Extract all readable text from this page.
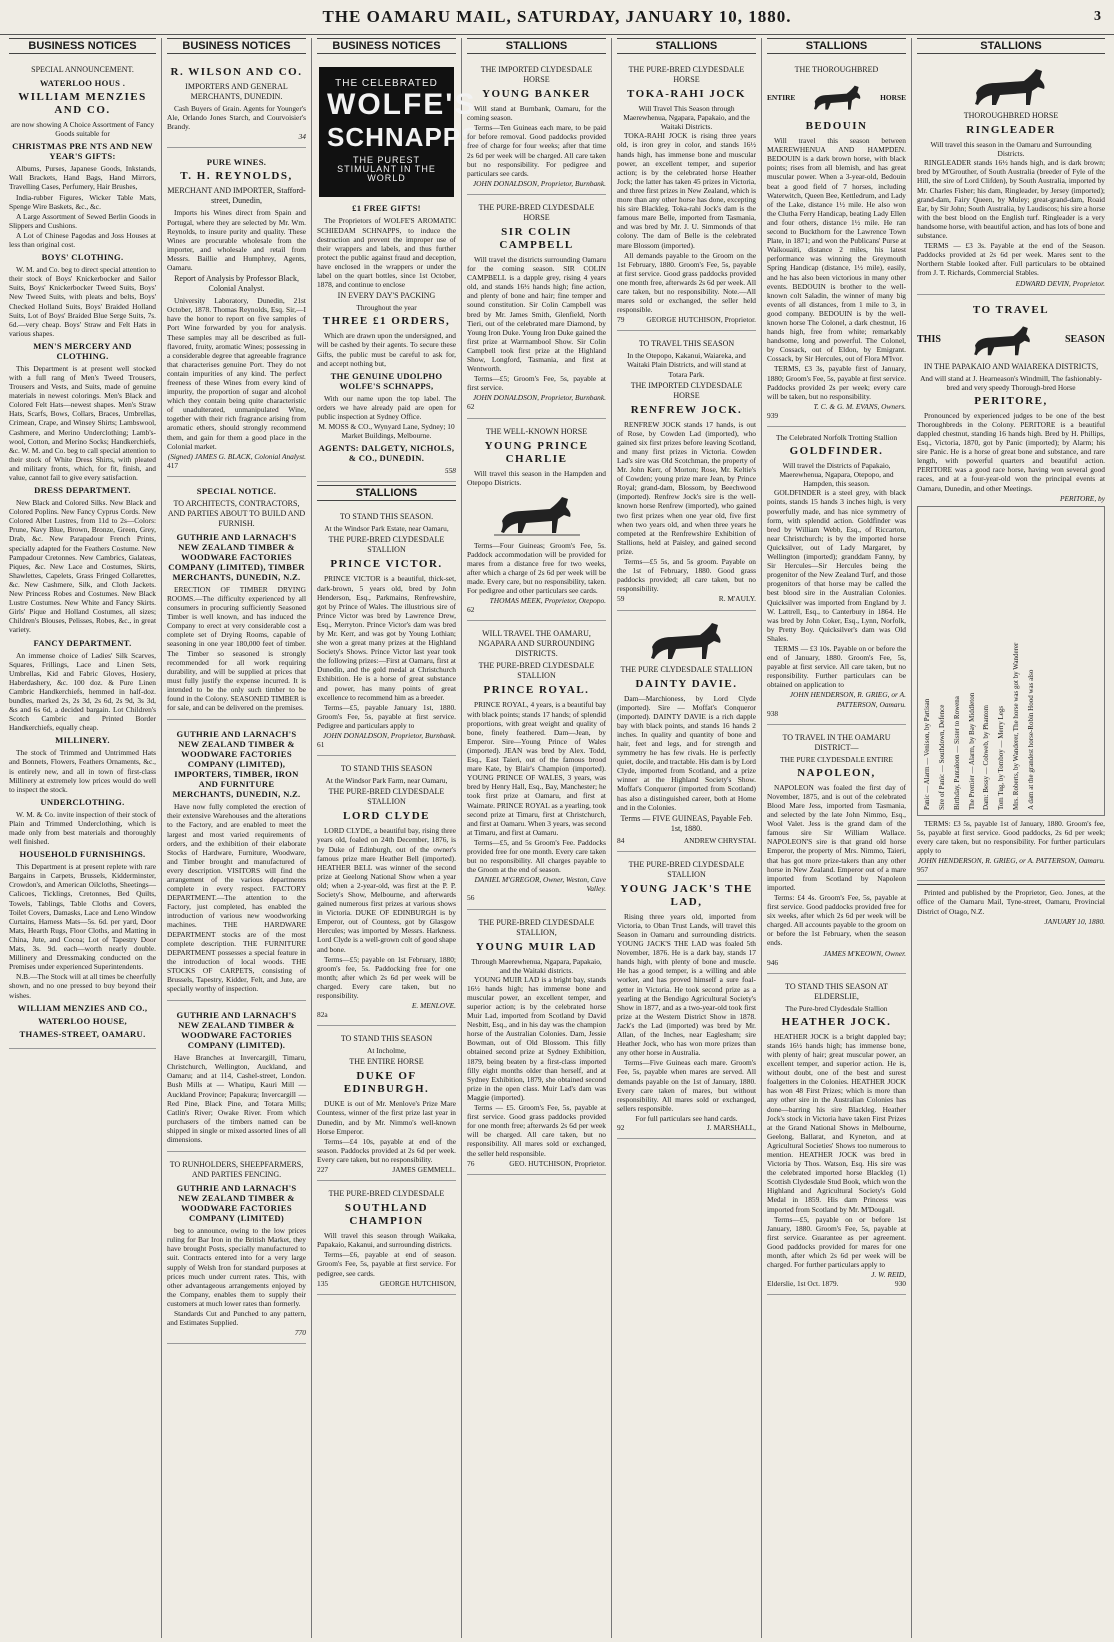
THE OAMARU MAIL, SATURDAY, JANUARY 10, 1880.	3
BUSINESS NOTICES
SPECIAL ANNOUNCEMENT.
WATERLOO HOUS .
WILLIAM MENZIES AND CO.
are now showing A Choice Assortment of Fancy Goods suitable for
CHRISTMAS PRE NTS AND NEW YEAR'S GIFTS:

Albums, Purses, Japanese Goods, Inkstands, Wall Brackets, Hand Bags, Hand Mirrors, Travelling Cases, Perfumery, Hair Brushes,

India-rubber Figures, Wicker Table Mats, Spenge Wire Baskets, &c., &c.

A Large Assortment of Sewed Berlin Goods in Slippers and Cushions.

A Lot of Chinese Pagodas and Joss Houses at less than original cost.

BOYS' CLOTHING.

W. M. and Co. beg to direct special attention to their stock of Boys' Knickerbocker and Sailor Suits, Boys' Knickerbocker Tweed Suits, Boys' New Tweed Suits, with pleats and belts, Boys' Checked Holland Suits, Boys' Braided Holland Suits, Lot of Boys' Braided Blue Serge Suits, 7s. 6d.—very cheap. Boys' Straw and Felt Hats in various shapes.

MEN'S MERCERY AND CLOTHING.

This Department is at present well stocked with a full rang of Men's Tweed Trousers, Trousers and Vests, and Suits, made of genuine materials in newest colorings. Men's Black and Colored Felt Hats—newest shapes. Men's Straw Hats, Scarfs, Bows, Collars, Braces, Umbrellas, Crimean, Crape, and Winsey Shirts; Lambswool, Cashmere, and Merino Underclothing; Lamb's-wool, Cotton, and Merino Socks; Handkerchiefs, &c. W. M. and Co. beg to call special attention to their stock of White Dress Shirts, with pleated and military fronts, which, for fit, finish, and value, cannot fail to give every satisfaction.

DRESS DEPARTMENT.

New Black and Colored Silks. New Black and Colored Poplins. New Fancy Cyprus Cords. New Colored Albet Lustres, from 11d to 2s—Colors: Prune, Navy Blue, Brown, Bronze, Green, Grey, Drab, &c. New Parapadour French Prints, specially adapted for the Feathers Costume. New Pampadour Cretonnes. New Cambrics, Galateas, Piques, &c. New Lace and Costumes, Skirts, Shawlettes, Capelets, Grass Fringed Collarettes, &c. New Cashmere, Silk, and Cloth Jackets. New Princess Robes and Costumes. New Black Lustre Costumes. New White and Fancy Skirts. Girls' Pique and Holland Costumes, all sizes; Children's Blouses, Pelisses, Robes, &c., in great variety.

FANCY DEPARTMENT.

An immense choice of Ladies' Silk Scarves, Squares, Frillings, Lace and Linen Sets, Umbrellas, Kid and Fabric Gloves, Hosiery, Haberdashery, &c. 100 doz. & Pure Linen Cambric Handkerchiefs, hemmed in half-doz. bundles, marked 2s, 2s 3d, 2s 6d, 2s 9d, 3s 3d, &s and 6s 6d, a decided bargain. Lot Children's Scotch Cambric and Printed Border Handkerchiefs, equally cheap.

MILLINERY.

The stock of Trimmed and Untrimmed Hats and Bonnets, Flowers, Feathers Ornaments, &c., is entirely new, and all in town of first-class Millinery at extremely low prices would do well to inspect the stock.

UNDERCLOTHING.

W. M. & Co. invite inspection of their stock of Plain and Trimmed Underclothing, which is made only from best materials and thoroughly well finished.

HOUSEHOLD FURNISHINGS.

This Department is at present replete with rare Bargains in Carpets, Brussels, Kidderminster, Crowdon's, and American Oilcloths, Sheetings—Calicoes, Ticklings, Cretonnes, Bed Quilts, Towels, Tablings, Table Cloths and Covers, Toilet Covers, Damasks, Lace and Leno Window Curtains, Harness Mats—5s. 6d. per yard, Door Mats, Hearth Rugs, Floor Cloths, and Matting in China, Jute, and Cocoa; Lot of Tapestry Door Mats, 3s. 9d. each—worth nearly double. Millinery and Dressmaking conducted on the Premises under experienced Superintendents.

N.B.—The Stock will at all times be cheerfully shown, and no one pressed to buy beyond their wishes.

WILLIAM MENZIES AND CO.,
WATERLOO HOUSE,
THAMES-STREET, OAMARU.
BUSINESS NOTICES
R. WILSON AND CO.
IMPORTERS AND GENERAL MERCHANTS, DUNEDIN.

Cash Buyers of Grain. Agents for Younger's Ale, Orlando Jones Starch, and Courvoisier's Brandy.

34
PURE WINES.
T. H. REYNOLDS,
MERCHANT AND IMPORTER, Stafford-street, Dunedin,

Imports his Wines direct from Spain and Portugal, where they are selected by Mr. Wm. Reynolds, to insure purity and quality. These Wines are procurable wholesale from the importer, and wholesale and retail from Messrs. Baillie and Humphrey, Agents, Oamaru.

Report of Analysis by Professor Black, Colonial Analyst.

University Laboratory, Dunedin, 21st October, 1878. Thomas Reynolds, Esq. Sir,—I have the honor to report on five samples of Port Wine forwarded by you for analysis. These samples may all be described as full-flavored, fruity, aromatic Wines; possessing in a considerable degree that agreeable fragrance that characterises genuine Port. They do not contain impurities of any kind. The perfect freeness of these Wines from every kind of impurity, the proportion of sugar and alcohol which they contain being quite characteristic of unadulterated, unmanipulated Wine, together with their rich fragrance arising from aromatic ethers, should strongly recommend them, and gain for them a good place in the Colonial market.

(Signed) JAMES G. BLACK, Colonial Analyst.
417
SPECIAL NOTICE.
TO ARCHITECTS, CONTRACTORS, AND PARTIES ABOUT TO BUILD AND FURNISH.
GUTHRIE AND LARNACH'S NEW ZEALAND TIMBER & WOODWARE FACTORIES COMPANY (LIMITED), TIMBER MERCHANTS, DUNEDIN, N.Z.

ERECTION OF TIMBER DRYING ROOMS.—The difficulty experienced by all consumers in procuring sufficiently Seasoned Timber is well known, and has induced the Company to erect at very considerable cost a complete set of Drying Rooms, capable of seasoning in one year 180,000 feet of timber. The Timber so seasoned is strongly recommended for all work requiring durability, and will be supplied at prices that must fully justify the expense incurred. It is intended to be the only such timber to be found in the Colony. SEASONED TIMBER is for sale, and can be delivered on the premises.

GUTHRIE AND LARNACH'S NEW ZEALAND TIMBER & WOODWARE FACTORIES COMPANY (LIMITED), IMPORTERS, TIMBER, IRON AND FURNITURE MERCHANTS, DUNEDIN, N.Z.

Have now fully completed the erection of their extensive Warehouses and the alterations to the Factory, and are enabled to meet the largest and most varied requirements of orders, and the exhibition of their elaborate Stocks of Hardware, Furniture, Woodware, and Timber brought and manufactured of every description. VISITORS will find the arrangement of the various departments complete in every respect. FACTORY DEPARTMENT.—The attention to the Factory, just completed, has enabled the introduction of various new woodworking machines. THE HARDWARE DEPARTMENT stocks are of the most complete description. THE FURNITURE DEPARTMENT possesses a special feature in the introduction of local woods. THE STOCKS OF CARPETS, consisting of Brussels, Tapestry, Kidder, Felt, and Jute, are specially worthy of inspection.

GUTHRIE AND LARNACH'S NEW ZEALAND TIMBER & WOODWARE FACTORIES COMPANY (LIMITED).

Have Branches at Invercargill, Timaru, Christchurch, Wellington, Auckland, and Oamaru; and at 114, Cashel-street, London. Bush Mills at — Whatipu, Kauri Mill — Auckland Province; Papakura; Invercargill — Red Pine, Black Pine, and Totara Mills; Catlin's River; Owake River. From which purchasers of the timbers named can be shipped in single or mixed assorted lines of all dimensions.

TO RUNHOLDERS, SHEEPFARMERS, AND PARTIES FENCING.
GUTHRIE AND LARNACH'S NEW ZEALAND TIMBER & WOODWARE FACTORIES COMPANY (LIMITED)

beg to announce, owing to the low prices ruling for Bar Iron in the British Market, they have brought Posts, specially manufactured to suit. Contracts entered into for a very large supply of Welsh Iron for standard purposes at prices much under current rates. This, with other advantageous arrangements enjoyed by the Company, enables them to supply their customers at much lower rates than formerly.

Standards Cut and Punched to any pattern, and Estimates Supplied.

770
BUSINESS NOTICES
THE CELEBRATED
WOLFE'S
SCHNAPPS
THE PUREST STIMULANT IN THE WORLD
£1 FREE GIFTS!

The Proprietors of WOLFE'S AROMATIC SCHIEDAM SCHNAPPS, to induce the destruction and prevent the improper use of their wrappers and labels, and thus further protect the public against fraud and deception, have enclosed in the wrappers or under the label on the quart bottles, since 1st October, 1878, and continue to enclose

IN EVERY DAY'S PACKING
Throughout the year
THREE £1 ORDERS,

Which are drawn upon the undersigned, and will be cashed by their agents. To secure these Gifts, the public must be careful to ask for, and accept nothing but,

THE GENUINE UDOLPHO WOLFE'S SCHNAPPS,

With our name upon the top label. The orders we have already paid are open for public inspection at Sydney Office.

M. MOSS & CO., Wynyard Lane, Sydney; 10 Market Buildings, Melbourne.
AGENTS: DALGETY, NICHOLS, & CO., DUNEDIN.
558
STALLIONS
TO STAND THIS SEASON.
At the Windsor Park Estate, near Oamaru,
THE PURE-BRED CLYDESDALE STALLION
PRINCE VICTOR.

PRINCE VICTOR is a beautiful, thick-set, dark-brown, 5 years old, bred by John Henderson, Esq., Parkmains, Renfrewshire, got by Prince of Wales. The illustrious sire of Prince Victor was bred by Lawrence Drew, Esq., Merryton. Prince Victor's dam was bred by Mr. Kerr, and was got by Young Lothian; she won a great many prizes at the Highland Society's Shows. Prince Victor last year took the following prizes:—First at Oamaru, first at Dunedin, and the gold medal at Christchurch Exhibition. He is a horse of great substance and power, has many points of great excellence to recommend him as a breeder.

Terms—£5, payable January 1st, 1880. Groom's Fee, 5s, payable at first service. Pedigree and particulars apply to

JOHN DONALDSON, Proprietor, Burnbank.
61
TO STAND THIS SEASON
At the Windsor Park Farm, near Oamaru,
THE PURE-BRED CLYDESDALE STALLION
LORD CLYDE

LORD CLYDE, a beautiful bay, rising three years old, foaled on 24th December, 1876, is by Duke of Edinburgh, out of the owner's famous prize mare Heather Bell (imported). HEATHER BELL was winner of the second prize at Geelong National Show when a year old; when a 2-year-old, was first at the P. P. Society's Show, Melbourne, and afterwards gained numerous first prizes at various shows in Victoria. DUKE OF EDINBURGH is by Emperor, out of Countess, got by Glasgow Hercules; was imported by Messrs. Harkness. Lord Clyde is a well-grown colt of good shape and bone.

Terms—£5; payable on 1st February, 1880; groom's fee, 5s. Paddocking free for one month; after which 2s 6d per week will be charged. Every care taken, but no responsibility.

E. MENLOVE.
82a
TO STAND THIS SEASON
At Incholme,
THE ENTIRE HORSE
DUKE OF EDINBURGH.

DUKE is out of Mr. Menlove's Prize Mare Countess, winner of the first prize last year in Dunedin, and by Mr. Nimmo's well-known Horse Emperor.

Terms—£4 10s, payable at end of the season. Paddocks provided at 2s 6d per week. Every care taken, but no responsibility.

227	JAMES GEMMELL.
THE PURE-BRED CLYDESDALE
SOUTHLAND CHAMPION

Will travel this season through Waikaka, Papakaio, Kakanui, and surrounding districts.

Terms—£6, payable at end of season. Groom's Fee, 5s, payable at first service. For pedigree, see cards.

135	GEORGE HUTCHISON,
STALLIONS
THE IMPORTED CLYDESDALE HORSE
YOUNG BANKER

Will stand at Burnbank, Oamaru, for the coming season.

Terms—Ten Guineas each mare, to be paid for before removal. Good paddocks provided free of charge for four weeks; after that time 2s 6d per week will be charged. All care taken but no responsibility. For pedigree and particulars see cards.

JOHN DONALDSON, Proprietor, Burnbank.
THE PURE-BRED CLYDESDALE HORSE
SIR COLIN CAMPBELL

Will travel the districts surrounding Oamaru for the coming season. SIR COLIN CAMPBELL is a dapple grey, rising 4 years old, and stands 16½ hands high; fine action, and plenty of bone and hair; fine temper and sound constitution. Sir Colin Campbell was bred by Mr. James Smith, Glenfield, North Tieri, out of the celebrated mare Diamond, by Young Iron Duke. Young Iron Duke gained the first prize at Warrnambool Show. Sir Colin Campbell took first prize at the Highland Show, Longford, Tasmania, and first at Wentworth.

Terms—£5; Groom's Fee, 5s, payable at first service.

JOHN DONALDSON, Proprietor, Burnbank.
62
THE WELL-KNOWN HORSE
YOUNG PRINCE CHARLIE

Will travel this season in the Hampden and Otepopo Districts.

Terms—Four Guineas; Groom's Fee, 5s. Paddock accommodation will be provided for mares from a distance free for two weeks, after which a charge of 2s 6d per week will be made. Every care, but no responsibility, taken. For pedigree and other particulars see cards.

THOMAS MEEK, Proprietor, Otepopo.
62
WILL TRAVEL THE OAMARU, NGAPARA AND SURROUNDING DISTRICTS.
THE PURE-BRED CLYDESDALE STALLION
PRINCE ROYAL.

PRINCE ROYAL, 4 years, is a beautiful bay with black points; stands 17 hands; of splendid proportions, with great weight and quality of bone, finely feathered. Dam—Jean, by Emperor. Sire—Young Prince of Wales (imported). JEAN was bred by Alex. Todd, Esq., East Taieri, out of the famous brood mare Kate, by Blair's Champion (imported). YOUNG PRINCE OF WALES, 3 years, was bred by Henry Hall, Esq., Bay, Manchester; he took first prize at Oamaru, and first at Waimate. PRINCE ROYAL as a yearling, took second prize at Timaru, first at Christchurch, and first at Oamaru. When 3 years, was second at Timaru, and first at Oamaru.

Terms—£5, and 5s Groom's Fee. Paddocks provided free for one month. Every care taken but no responsibility. All charges payable to the Groom at the end of season.

DANIEL M'GREGOR, Owner, Weston, Cave Valley.
56
THE PURE-BRED CLYDESDALE STALLION,
YOUNG MUIR LAD
Through Maerewhenua, Ngapara, Papakaio, and the Waitaki districts.

YOUNG MUIR LAD is a bright bay, stands 16½ hands high; has immense bone and muscular power, an excellent temper, and superior action; is by the celebrated horse Muir Lad, imported from Scotland by David Nesbitt, Esq., and in his day was the champion horse of the Australian Colonies. Dam, Jessie Bowman, out of Old Blossom. This filly obtained second prize at Sydney Exhibition, 1879, being beaten by a first-class imported filly eight months older than herself, and at Sydney Exhibition, 1879, she obtained second prize in the open class. Muir Lad's dam was Maggie (imported).

Terms — £5. Groom's Fee, 5s, payable at first service. Good grass paddocks provided for one month free; afterwards 2s 6d per week will be charged. All care taken, but no responsibility. All mares sold or exchanged, the seller held responsible.

76	GEO. HUTCHISON, Proprietor.
STALLIONS
THE PURE-BRED CLYDESDALE HORSE
TOKA-RAHI JOCK
Will Travel This Season through Maerewhenua, Ngapara, Papakaio, and the Waitaki Districts.

TOKA-RAHI JOCK is rising three years old, is iron grey in color, and stands 16½ hands high, has immense bone and muscular power, an excellent temper, and superior action; is by the celebrated horse Heather Jock; the latter has taken 45 prizes in Victoria, and three first prizes in New Zealand, which is more than any other horse has done, excepting his sire Blackleg. Toka-rahi Jock's dam is the famous mare Belle, imported from Tasmania, and was bred by Mr. J. U. Simmonds of that colony. The dam of Belle is the celebrated mare Blossom (imported).

All demands payable to the Groom on the 1st February, 1880. Groom's Fee, 5s, payable at first service. Good grass paddocks provided one month free, afterwards 2s 6d per week. All care taken, but no responsibility. Note.—All mares sold or exchanged, the seller held responsible.

79	GEORGE HUTCHISON, Proprietor.
TO TRAVEL THIS SEASON
In the Otepopo, Kakanui, Waiareka, and Waitaki Plain Districts, and will stand at Totara Park.
THE IMPORTED CLYDESDALE HORSE
RENFREW JOCK.

RENFREW JOCK stands 17 hands, is out of Rose, by Cowden Lad (imported), who gained six first prizes before leaving Scotland, and many first prizes in Victoria. Cowden Lad's sire was Old Scotchman, the property of Mr. John Kerr, of Morton; Rose, Mr. Keltie's of Cowden; young prize mare Jean, by Prince Royal; grand-dam, Blossom, by Beechwood (imported). Renfrew Jock's sire is the well-known horse Renfrew (imported), who gained two first prizes when one year old, five first when two years old, and when three years he competed at the Renfrewshire Exhibition of Stallions, held at Paisley, and gained second prize.

Terms—£5 5s, and 5s groom. Payable on the 1st of February, 1880. Good grass paddocks provided; all care taken, but no responsibility.

59	R. M'AULY.
THE PURE CLYDESDALE STALLION
DAINTY DAVIE.

Dam—Marchioness, by Lord Clyde (imported). Sire — Moffat's Conqueror (imported). DAINTY DAVIE is a rich dapple bay with black points, and stands 16 hands 2 inches. In quality and quantity of bone and hair, feet and legs, and for strength and symmetry he has few rivals. He is perfectly quiet, docile, and tractable. His dam is by Lord Clyde, imported from Scotland, and a prize winner at the Highland Society's Show. Moffat's Conqueror (imported from Scotland) has also a distinguished career, both at Home and in the Colonies.

Terms — FIVE GUINEAS, Payable Feb. 1st, 1880.
84	ANDREW CHRYSTAL
THE PURE-BRED CLYDESDALE STALLION
YOUNG JACK'S THE LAD,

Rising three years old, imported from Victoria, to Oban Trust Lands, will travel this Season in Oamaru and surrounding districts. YOUNG JACK'S THE LAD was foaled 5th November, 1876. He is a dark bay, stands 17 hands high, with plenty of bone and muscle. He has a good temper, is a willing and able worker, and has proved himself a sure foal-getter in Victoria. He took second prize as a yearling at the Bendigo Agricultural Society's Show in 1877, and as a two-year-old took first prize at the Western District Show in 1878. Jack's the Lad (imported) was bred by Mr. Allan, of the Inches, near Eaglesham; sire Heather Jock, who has won more prizes than any other horse in Australia.

Terms—Five Guineas each mare. Groom's Fee, 5s, payable when mares are served. All demands payable on the 1st of January, 1880. Every care taken of mares, but without responsibility. All mares sold or exchanged, sellers responsible.

For full particulars see hand cards.
92	J. MARSHALL,
STALLIONS
THE THOROUGHBRED
ENTIRE	HORSE
BEDOUIN

Will travel this season between MAEREWHENUA AND HAMPDEN. BEDOUIN is a dark brown horse, with black points; rises from all blemish, and has great muscular power. When a 3-year-old, Bedouin beat a good field of 7 horses, including Waterwitch, Queen Bee, Kettledrum, and Lady of the Lake, distance 1½ mile. He also won the Clutha Ferry Handicap, beating Lady Ellen and four others, distance 1½ mile. He ran second to Buckthorn for the Lawrence Town Plate, in 1871; and won the Publicans' Purse at Waikouaiti, distance 2 miles, his latest performance was winning the Greymouth Spring Handicap (distance, 1½ mile), easily, and he has also been victorious in many other events. BEDOUIN is brother to the well-known colt Saladin, the winner of many big events of all distances, from 1 mile to 3, in good company. BEDOUIN is by the well-known horse The Colonel, a dark chestnut, 16 hands high, free from white; remarkably handsome, long and powerful. The Colonel, by Cossack, out of Eldon, by Emigrant. Cossack, by Sir Hercules, out of Flora M'Ivor.

TERMS, £3 3s, payable first of January, 1880; Groom's Fee, 5s, payable at first service. Paddocks provided 2s per week; every care will be taken, but no responsibility.

T. C. & G. M. EVANS, Owners.
939
The Celebrated Norfolk Trotting Stallion
GOLDFINDER.
Will travel the Districts of Papakaio, Maerewhenua, Ngapara, Otepopo, and Hampden, this season.

GOLDFINDER is a steel grey, with black points, stands 15 hands 3 inches high, is very powerfully made, and has nice symmetry of form, with splendid action. Goldfinder was bred by William Webb, Esq., of Riccarton, near Christchurch; is by the imported horse Quicksilver, out of Lady Margaret, by Wellington (imported); granddam Fanny, by Sir Hercules—Sir Hercules being the progenitor of the New Zealand Turf, and those progenitors of that horse may be called the best blood sire in the Australian Colonies. Quicksilver was imported from England by J. W. Lattrell, Esq., to Canterbury in 1864. He was bred by John Coker, Esq., Lynn, Norfolk, by Pretty Boy. Quicksilver's dam was Old Shales.

TERMS — £3 10s. Payable on or before the end of January, 1880. Groom's Fee, 5s, payable at first service. All care taken, but no responsibility. Further particulars can be obtained on application to

JOHN HENDERSON, R. GRIEG, or A. PATTERSON, Oamaru.
938
TO TRAVEL IN THE OAMARU DISTRICT—
THE PURE CLYDESDALE ENTIRE
NAPOLEON,

NAPOLEON was foaled the first day of November, 1875, and is out of the celebrated Blood Mare Jess, imported from Tasmania, and selected by the late John Nimmo, Esq., Wool Valet. Jess is the grand dam of the famous sire Sir William Wallace. NAPOLEON'S sire is that grand old horse Emperor, the property of Mrs. Nimmo, Taieri, that has got more prize-takers than any other horse in New Zealand. Emperor out of a mare imported from Scotland by Napoleon imported.

Terms: £4 4s. Groom's Fee, 5s, payable at first service. Good paddocks provided free for six weeks, after which 2s 6d per week will be charged. All accounts payable to the groom on or before the 1st February, when the season ends.

JAMES M'KEOWN, Owner.
946
TO STAND THIS SEASON AT ELDERSLIE,
The Pure-bred Clydesdale Stallion
HEATHER JOCK.

HEATHER JOCK is a bright dappled bay; stands 16½ hands high; has immense bone, with plenty of hair; great muscular power, an excellent temper, and superior action. He is, without doubt, one of the best and surest foalgetters in the Colonies. HEATHER JOCK has won 48 First Prizes; which is more than any other sire in the Australian Colonies has done—barring his sire Blackleg. Heather Jock's stock in Victoria have taken First Prizes at the Grand National Shows in Melbourne, Geelong, Ballarat, and Kyneton, and at Agricultural Societies' Shows too numerous to mention. HEATHER JOCK was bred in Victoria by Thos. Watson, Esq. His sire was the celebrated imported horse Blackleg (1) Scottish Clydesdale Stud Book, which won the Highland and Agricultural Society's Gold Medal in 1859. His dam Princess was imported from Scotland by Mr. M'Dougall.

Terms—£5, payable on or before 1st January, 1880. Groom's Fee, 5s, payable at first service. Guarantee as per agreement. Good paddocks provided for mares for one month, after which 2s 6d per week will be charged. For further particulars apply to

J. W. REID,
Elderslie, 1st Oct. 1879.	930
STALLIONS
THOROUGHBRED HORSE
RINGLEADER
Will travel this season in the Oamaru and Surrounding Districts.

RINGLEADER stands 16½ hands high, and is dark brown; bred by M'Grouther, of South Australia (breeder of Fyle of the Hill, the sire of Lord Clifden), by South Australia, imported by Mr. Charles Fisher; his dam, Ringleader, by Jersey (imported); grand-dam, Fairy Queen, by Muley; great-grand-dam, Roaid Ear, by Sir John; South Australia, by Laudiscos; his sire a horse with the best blood on the English turf. Ringleader is a very handsome horse, with beautiful action, and has lots of bone and substance.

TERMS — £3 3s. Payable at the end of the Season. Paddocks provided at 2s 6d per week. Mares sent to the Northern Stable looked after. Full particulars to be obtained from J. T. Richards, Commercial Stables.

EDWARD DEVIN, Proprietor.
TO TRAVEL
THIS	SEASON
IN THE PAPAKAIO AND WAIAREKA DISTRICTS,
And will stand at J. Hearneason's Windmill, The fashionably-bred and very speedy Thorough-bred Horse
PERITORE,

Pronounced by experienced judges to be one of the best Thoroughbreds in the Colony. PERITORE is a beautiful dappled chestnut, standing 16 hands high. Bred by H. Phillips, Esq., Victoria, 1870, got by Panic (imported); by Alarm; his sire Panic. He is a horse of great bone and substance, and rare length, with powerful quarters and beautiful action. PERITORE was a good race horse, having won several good races, and at a four-year-old won the principal events at Oamaru, Dunedin, and other Meetings.

PERITORE, by
Panic — Alarm — Venison, by Partisan Sire of Panic — Southdown, Defence Birthday, Pantaloon — Sister to Rowena The Premier — Alarm, by Bay Middleton Dam: Bessy — Cobweb, by Phantom Tom Tug, by Tomboy — Merry Legs Mrs. Roberts, by Wanderer, The horse was got by Wanderer A dam at the grandest horse-Robin Hood was also

TERMS: £3 5s, payable 1st of January, 1880. Groom's fee, 5s, payable at first service. Good paddocks, 2s 6d per week; every care taken, but no responsibility. For further particulars apply to

JOHN HENDERSON, R. GRIEG, or A. PATTERSON, Oamaru.
957

Printed and published by the Proprietor, Geo. Jones, at the office of the Oamaru Mail, Tyne-street, Oamaru, Provincial District of Otago, N.Z.

JANUARY 10, 1880.
